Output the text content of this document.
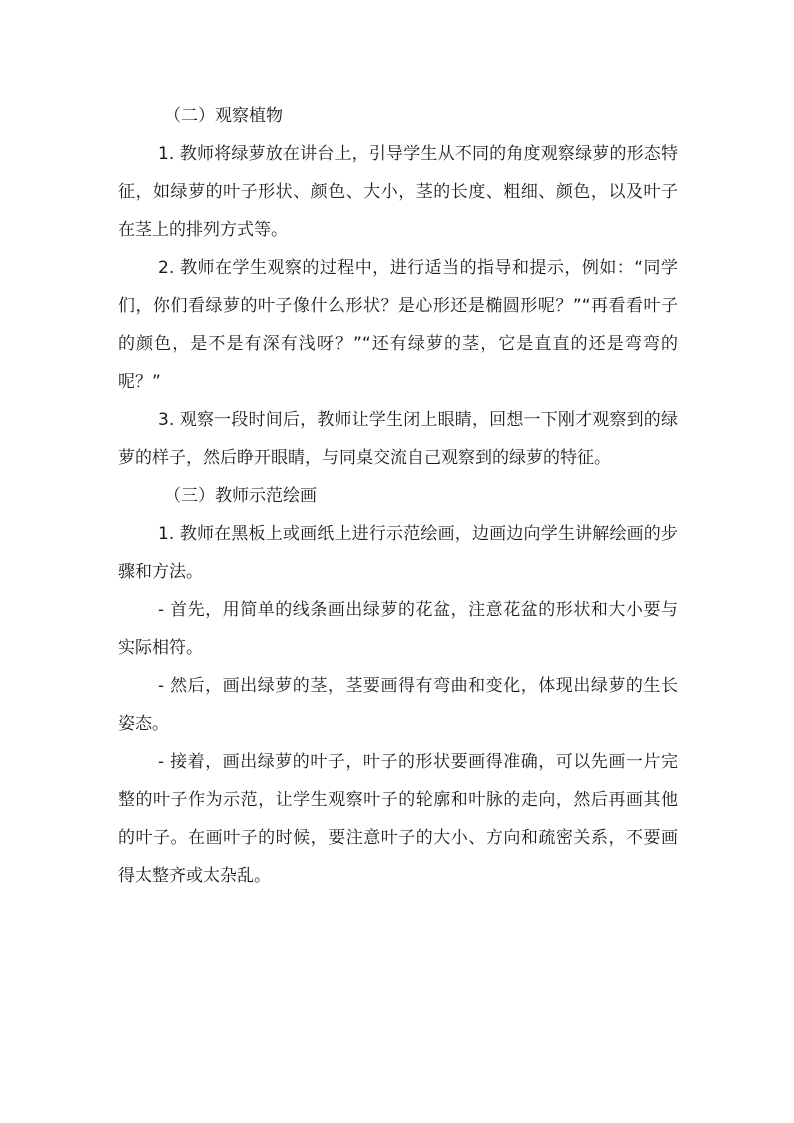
（二）观察植物

1. 教师将绿萝放在讲台上，引导学生从不同的角度观察绿萝的形态特征，如绿萝的叶子形状、颜色、大小，茎的长度、粗细、颜色，以及叶子在茎上的排列方式等。

2. 教师在学生观察的过程中，进行适当的指导和提示，例如：“同学们，你们看绿萝的叶子像什么形状？是心形还是椭圆形呢？”“再看看叶子的颜色，是不是有深有浅呀？”“还有绿萝的茎，它是直直的还是弯弯的呢？”

3. 观察一段时间后，教师让学生闭上眼睛，回想一下刚才观察到的绿萝的样子，然后睁开眼睛，与同桌交流自己观察到的绿萝的特征。

（三）教师示范绘画

1. 教师在黑板上或画纸上进行示范绘画，边画边向学生讲解绘画的步骤和方法。

- 首先，用简单的线条画出绿萝的花盆，注意花盆的形状和大小要与实际相符。

- 然后，画出绿萝的茎，茎要画得有弯曲和变化，体现出绿萝的生长姿态。

- 接着，画出绿萝的叶子，叶子的形状要画得准确，可以先画一片完整的叶子作为示范，让学生观察叶子的轮廓和叶脉的走向，然后再画其他的叶子。在画叶子的时候，要注意叶子的大小、方向和疏密关系，不要画得太整齐或太杂乱。
